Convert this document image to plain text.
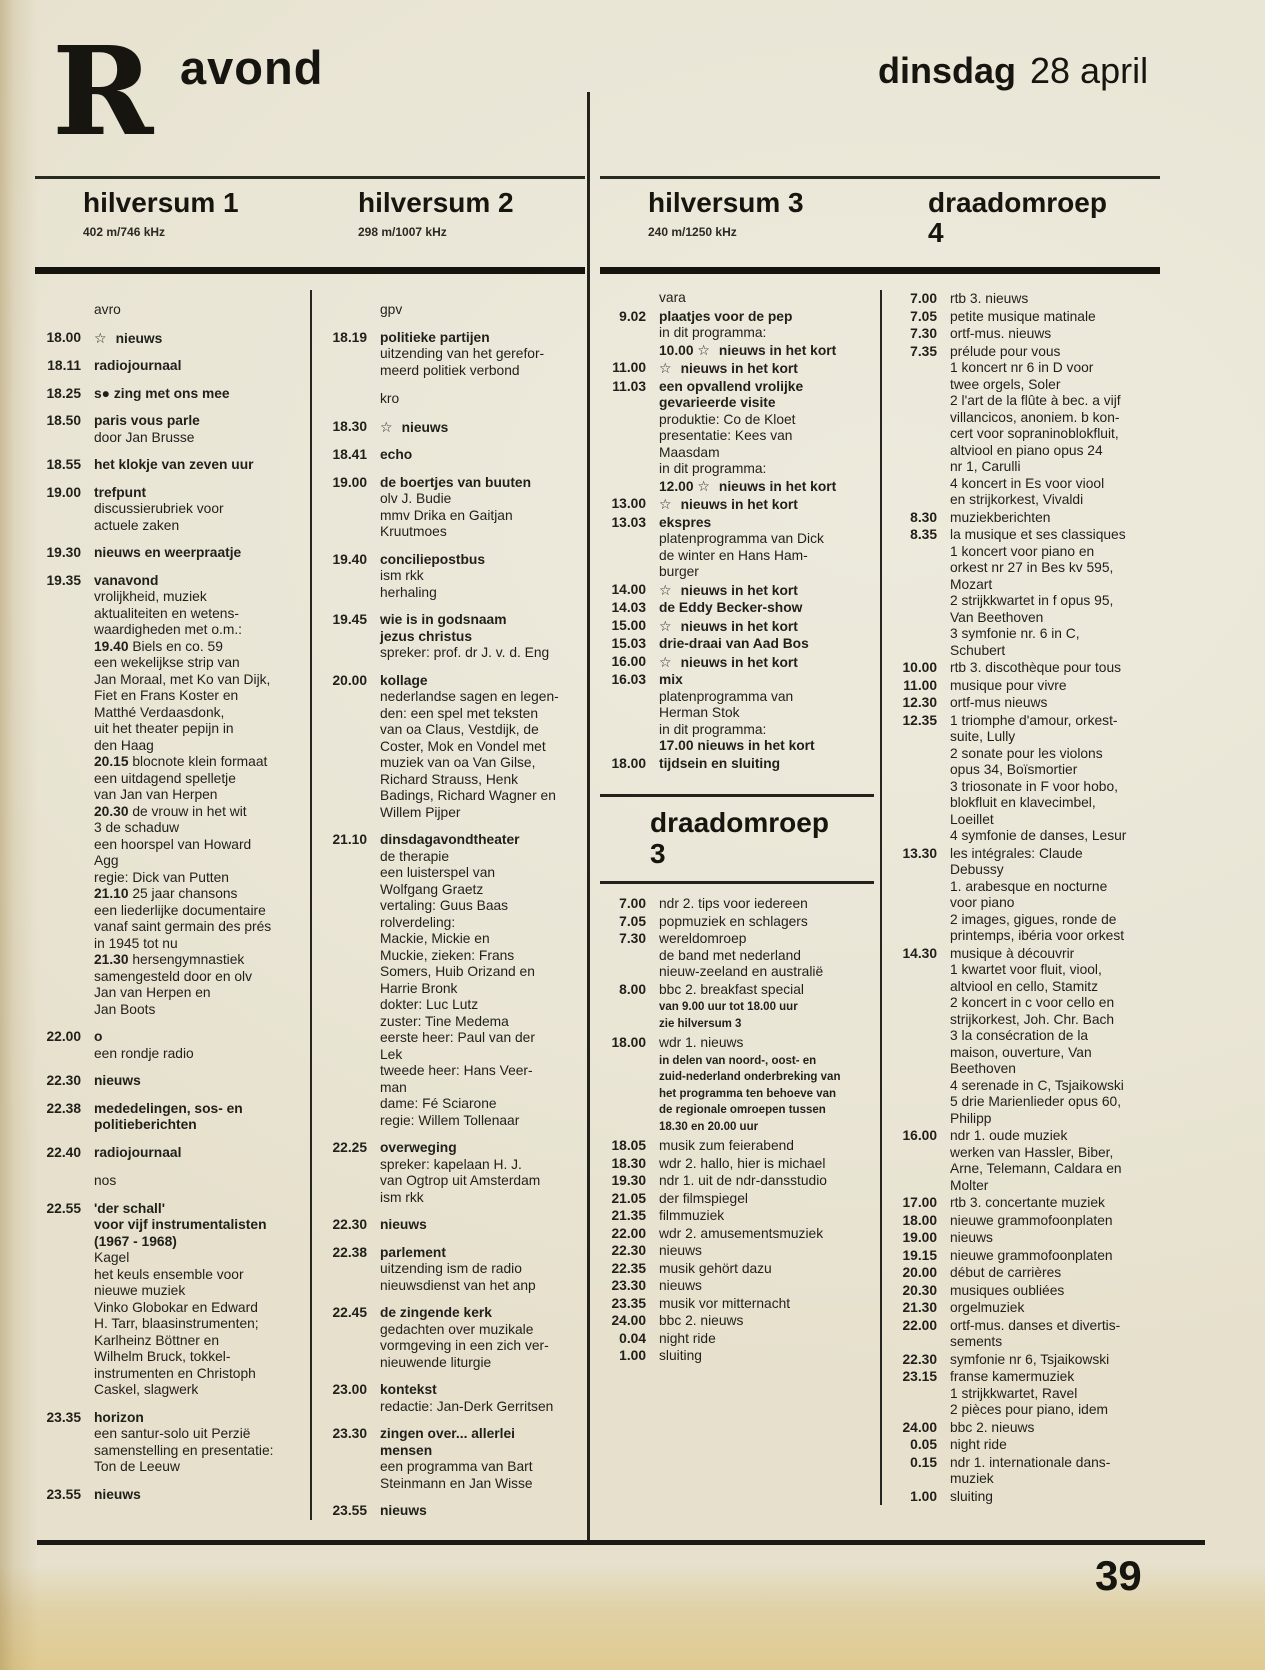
R avond	dinsdag 28 april
hilversum 1
402 m/746 kHz
hilversum 2
298 m/1007 kHz
avro
18.00 ☆ nieuws
18.11 radiojournaal
18.25 s● zing met ons mee
18.50 paris vous parle
door Jan Brusse
18.55 het klokje van zeven uur
19.00 trefpunt
discussierubriek voor
actuele zaken
19.30 nieuws en weerpraatje
19.35 vanavond
vrolijkheid, muziek
aktualiteiten en wetens-
waardigheden met o.m.:
19.40 Biels en co. 59
een wekelijkse strip van
Jan Moraal, met Ko van Dijk,
Fiet en Frans Koster en
Matthé Verdaasdonk,
uit het theater pepijn in
den Haag
20.15 blocnote klein formaat
een uitdagend spelletje
van Jan van Herpen
20.30 de vrouw in het wit
3 de schaduw
een hoorspel van Howard
Agg
regie: Dick van Putten
21.10 25 jaar chansons
een liederlijke documentaire
vanaf saint germain des prés
in 1945 tot nu
21.30 hersengymnastiek
samengesteld door en olv
Jan van Herpen en
Jan Boots
22.00 o
een rondje radio
22.30 nieuws
22.38 mededelingen, sos- en
politieberichten
22.40 radiojournaal
nos
22.55 'der schall'
voor vijf instrumentalisten
(1967 - 1968)
Kagel
het keuls ensemble voor
nieuwe muziek
Vinko Globokar en Edward
H. Tarr, blaasinstrumenten;
Karlheinz Böttner en
Wilhelm Bruck, tokkel-
instrumenten en Christoph
Caskel, slagwerk
23.35 horizon
een santur-solo uit Perzië
samenstelling en presentatie:
Ton de Leeuw
23.55 nieuws
gpv
18.19 politieke partijen
uitzending van het gerefor-
meerd politiek verbond
kro
18.30 ☆ nieuws
18.41 echo
19.00 de boertjes van buuten
olv J. Budie
mmv Drika en Gaitjan
Kruutmoes
19.40 conciliepostbus
ism rkk
herhaling
19.45 wie is in godsnaam
jezus christus
spreker: prof. dr J. v. d. Eng
20.00 kollage
nederlandse sagen en legen-
den: een spel met teksten
van oa Claus, Vestdijk, de
Coster, Mok en Vondel met
muziek van oa Van Gilse,
Richard Strauss, Henk
Badings, Richard Wagner en
Willem Pijper
21.10 dinsdagavondtheater
de therapie
een luisterspel van
Wolfgang Graetz
vertaling: Guus Baas
rolverdeling:
Mackie, Mickie en
Muckie, zieken: Frans
Somers, Huib Orizand en
Harrie Bronk
dokter: Luc Lutz
zuster: Tine Medema
eerste heer: Paul van der
Lek
tweede heer: Hans Veer-
man
dame: Fé Sciarone
regie: Willem Tollenaar
22.25 overweging
spreker: kapelaan H. J.
van Ogtrop uit Amsterdam
ism rkk
22.30 nieuws
22.38 parlement
uitzending ism de radio
nieuwsdienst van het anp
22.45 de zingende kerk
gedachten over muzikale
vormgeving in een zich ver-
nieuwende liturgie
23.00 kontekst
redactie: Jan-Derk Gerritsen
23.30 zingen over... allerlei
mensen
een programma van Bart
Steinmann en Jan Wisse
23.55 nieuws
hilversum 3
240 m/1250 kHz
draadomroep
4
vara
9.02 plaatjes voor de pep
in dit programma:
10.00 ☆ nieuws in het kort
11.00 ☆ nieuws in het kort
11.03 een opvallend vrolijke
gevarieerde visite
produktie: Co de Kloet
presentatie: Kees van
Maasdam
in dit programma:
12.00 ☆ nieuws in het kort
13.00 ☆ nieuws in het kort
13.03 ekspres
platenprogramma van Dick
de winter en Hans Ham-
burger
14.00 ☆ nieuws in het kort
14.03 de Eddy Becker-show
15.00 ☆ nieuws in het kort
15.03 drie-draai van Aad Bos
16.00 ☆ nieuws in het kort
16.03 mix
platenprogramma van
Herman Stok
in dit programma:
17.00 nieuws in het kort
18.00 tijdsein en sluiting
draadomroep
3
7.00 ndr 2. tips voor iedereen
7.05 popmuziek en schlagers
7.30 wereldomroep
de band met nederland
nieuw-zeeland en australië
8.00 bbc 2. breakfast special
van 9.00 uur tot 18.00 uur
zie hilversum 3
18.00 wdr 1. nieuws
in delen van noord-, oost- en
zuid-nederland onderbreking van
het programma ten behoeve van
de regionale omroepen tussen
18.30 en 20.00 uur
18.05 musik zum feierabend
18.30 wdr 2. hallo, hier is michael
19.30 ndr 1. uit de ndr-dansstudio
21.05 der filmspiegel
21.35 filmmuziek
22.00 wdr 2. amusementsmuziek
22.30 nieuws
22.35 musik gehört dazu
23.30 nieuws
23.35 musik vor mitternacht
24.00 bbc 2. nieuws
0.04 night ride
1.00 sluiting
7.00 rtb 3. nieuws
7.05 petite musique matinale
7.30 ortf-mus. nieuws
7.35 prélude pour vous
1 koncert nr 6 in D voor
twee orgels, Soler
2 l'art de la flûte à bec. a vijf
villancicos, anoniem. b kon-
cert voor sopraninoblokfluit,
altviool en piano opus 24
nr 1, Carulli
4 koncert in Es voor viool
en strijkorkest, Vivaldi
8.30 muziekberichten
8.35 la musique et ses classiques
1 koncert voor piano en
orkest nr 27 in Bes kv 595,
Mozart
2 strijkkwartet in f opus 95,
Van Beethoven
3 symfonie nr. 6 in C,
Schubert
10.00 rtb 3. discothèque pour tous
11.00 musique pour vivre
12.30 ortf-mus nieuws
12.35 1 triomphe d'amour, orkest-
suite, Lully
2 sonate pour les violons
opus 34, Boïsmortier
3 triosonate in F voor hobo,
blokfluit en klavecimbel,
Loeillet
4 symfonie de danses, Lesur
13.30 les intégrales: Claude
Debussy
1. arabesque en nocturne
voor piano
2 images, gigues, ronde de
printemps, ibéria voor orkest
14.30 musique à découvrir
1 kwartet voor fluit, viool,
altviool en cello, Stamitz
2 koncert in c voor cello en
strijkorkest, Joh. Chr. Bach
3 la consécration de la
maison, ouverture, Van
Beethoven
4 serenade in C, Tsjaikowski
5 drie Marienlieder opus 60,
Philipp
16.00 ndr 1. oude muziek
werken van Hassler, Biber,
Arne, Telemann, Caldara en
Molter
17.00 rtb 3. concertante muziek
18.00 nieuwe grammofoonplaten
19.00 nieuws
19.15 nieuwe grammofoonplaten
20.00 début de carrières
20.30 musiques oubliées
21.30 orgelmuziek
22.00 ortf-mus. danses et divertis-
sements
22.30 symfonie nr 6, Tsjaikowski
23.15 franse kamermuziek
1 strijkkwartet, Ravel
2 pièces pour piano, idem
24.00 bbc 2. nieuws
0.05 night ride
0.15 ndr 1. internationale dans-
muziek
1.00 sluiting
39
